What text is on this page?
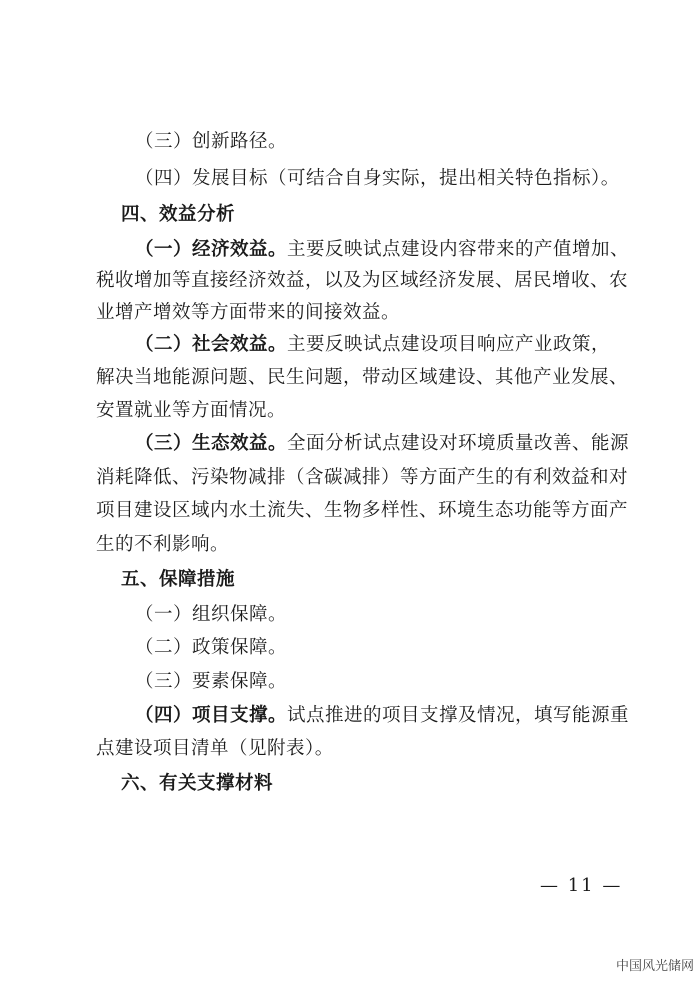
（三）创新路径。
（四）发展目标（可结合自身实际，提出相关特色指标）。
四、效益分析
（一）经济效益。主要反映试点建设内容带来的产值增加、
税收增加等直接经济效益，以及为区域经济发展、居民增收、农
业增产增效等方面带来的间接效益。
（二）社会效益。主要反映试点建设项目响应产业政策，
解决当地能源问题、民生问题，带动区域建设、其他产业发展、
安置就业等方面情况。
（三）生态效益。全面分析试点建设对环境质量改善、能源
消耗降低、污染物减排（含碳减排）等方面产生的有利效益和对
项目建设区域内水土流失、生物多样性、环境生态功能等方面产
生的不利影响。
五、保障措施
（一）组织保障。
（二）政策保障。
（三）要素保障。
（四）项目支撑。试点推进的项目支撑及情况，填写能源重
点建设项目清单（见附表）。
六、有关支撑材料
— 11 —
中国风光储网
